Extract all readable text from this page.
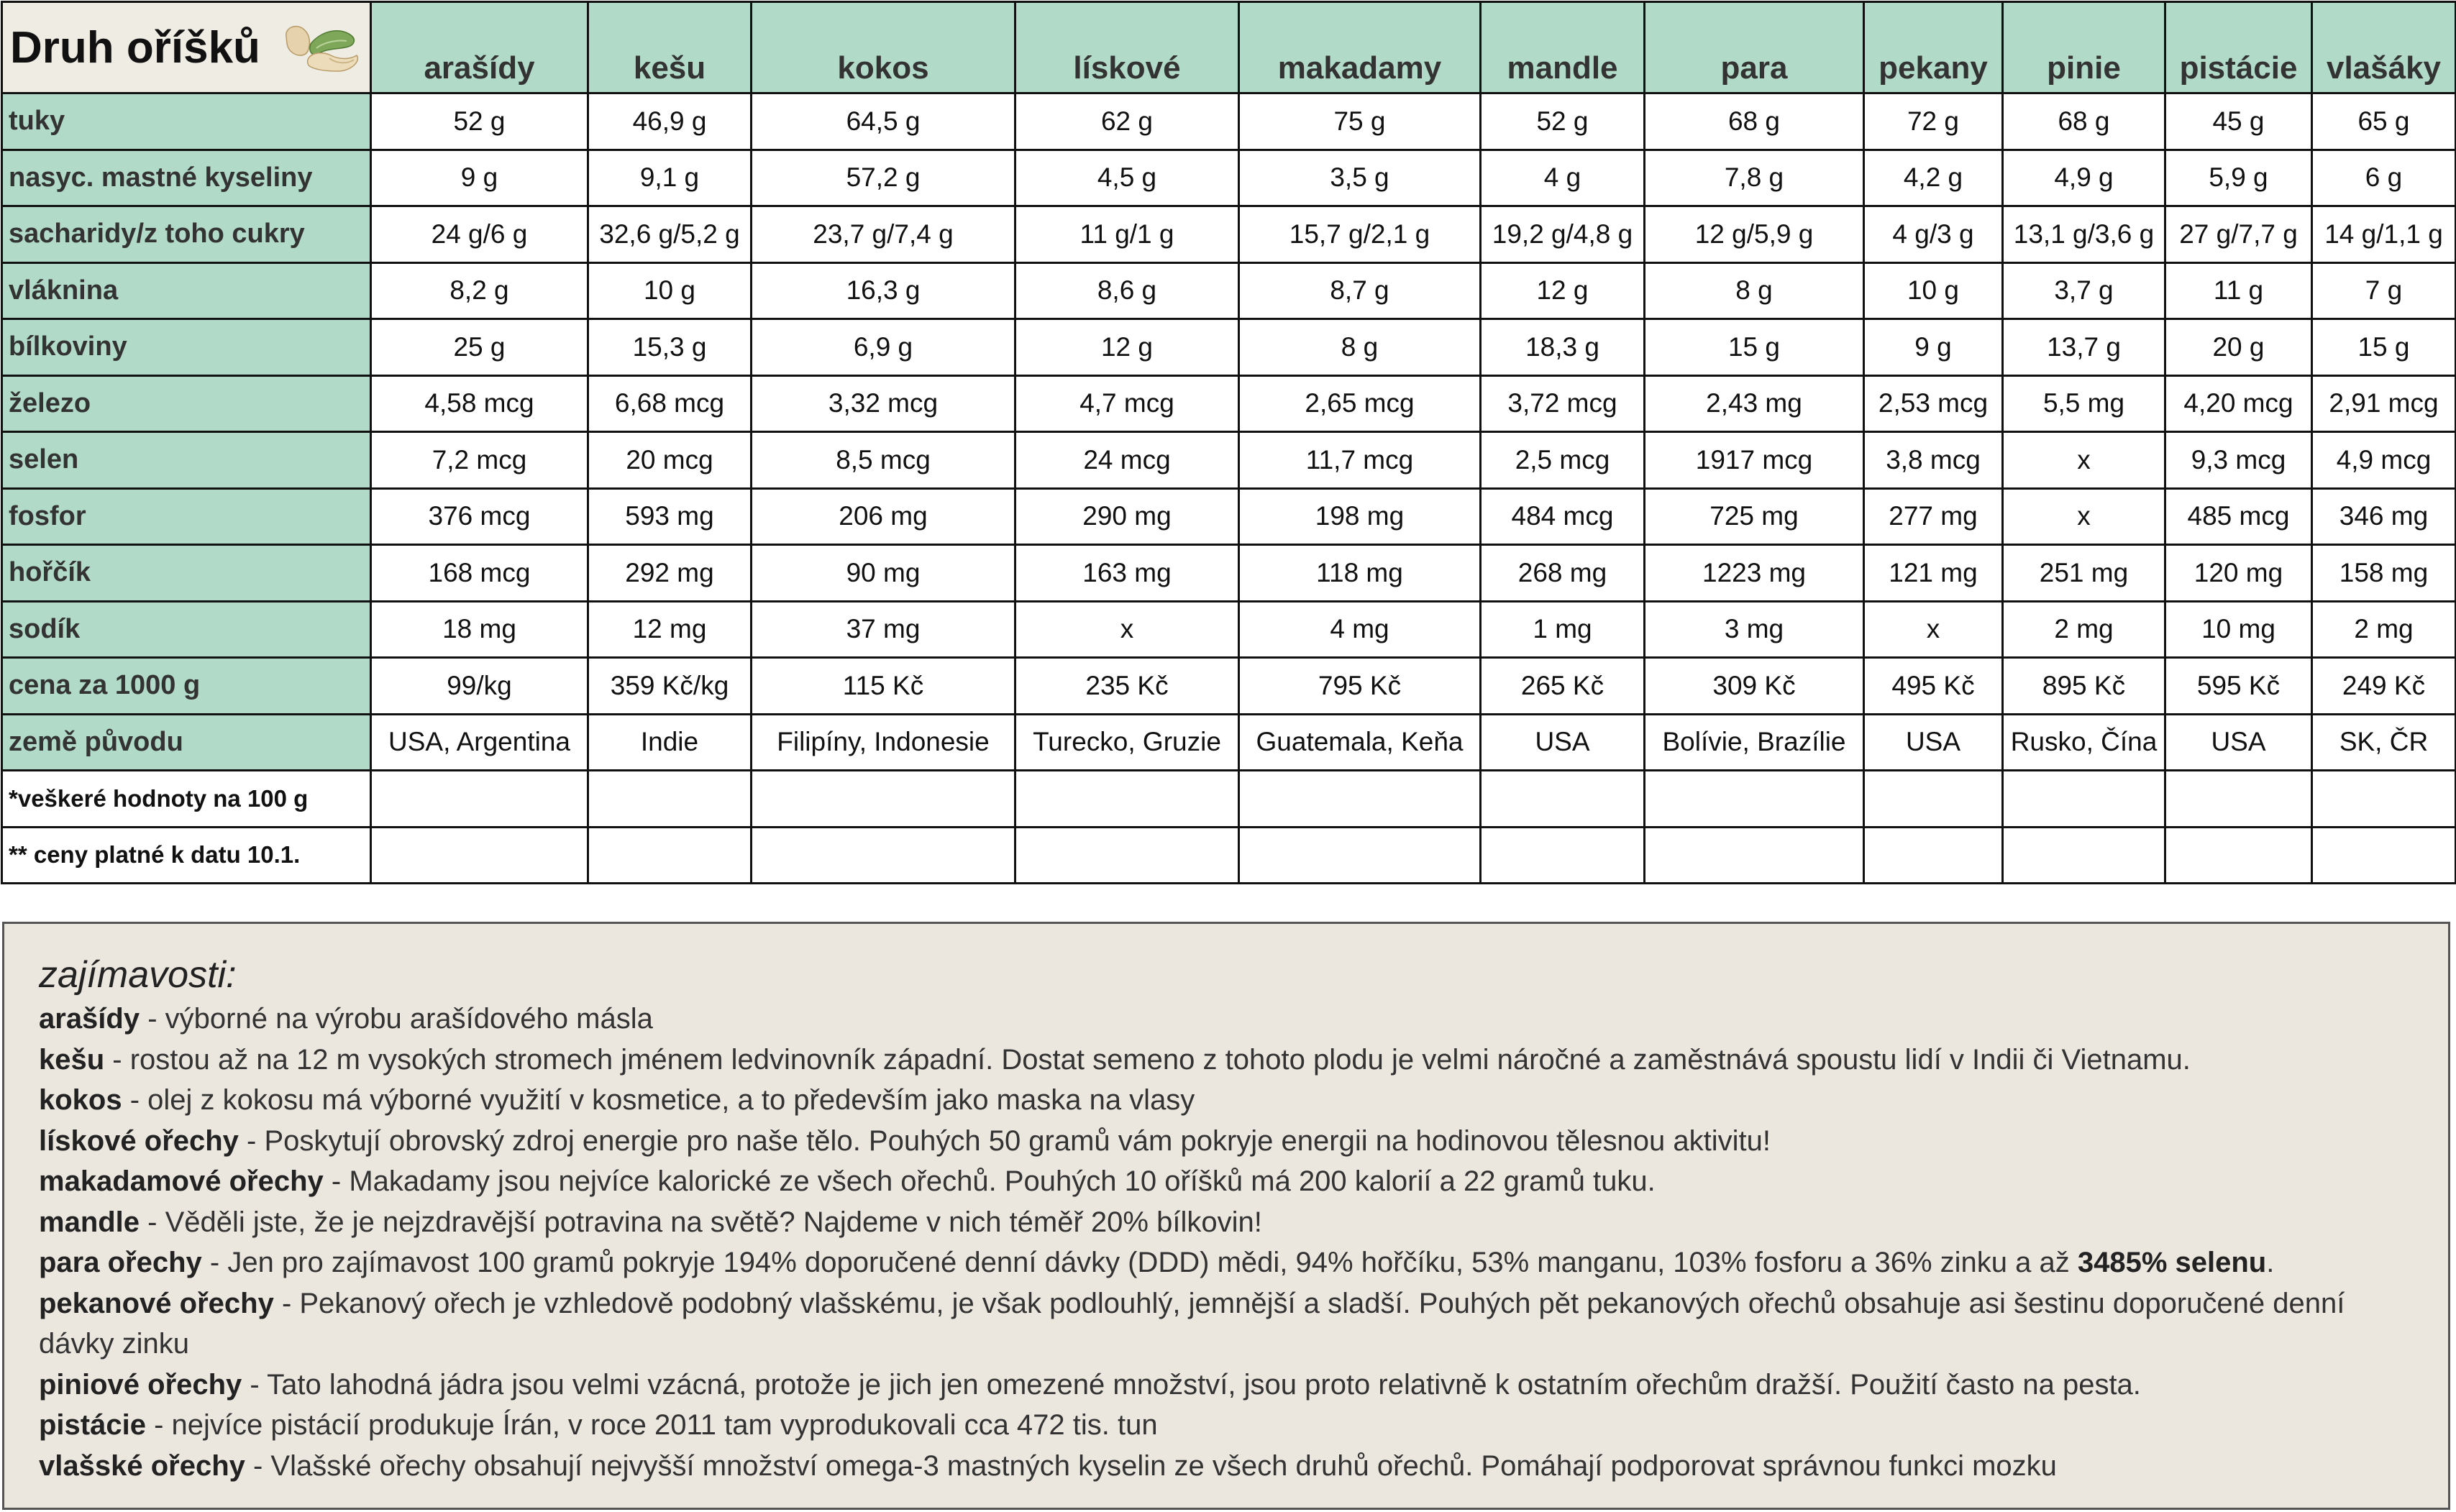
Druh oříšků	arašídy	kešu	kokos	lískové	makadamy	mandle	para	pekany	pinie	pistácie	vlašáky
tuky	52 g	46,9 g	64,5 g	62 g	75 g	52 g	68 g	72 g	68 g	45 g	65 g
nasyc. mastné kyseliny	9 g	9,1 g	57,2 g	4,5 g	3,5 g	4 g	7,8 g	4,2 g	4,9 g	5,9 g	6 g
sacharidy/z toho cukry	24 g/6 g	32,6 g/5,2 g	23,7 g/7,4 g	11 g/1 g	15,7 g/2,1 g	19,2 g/4,8 g	12 g/5,9 g	4 g/3 g	13,1 g/3,6 g	27 g/7,7 g	14 g/1,1 g
vláknina	8,2 g	10 g	16,3 g	8,6 g	8,7 g	12 g	8 g	10 g	3,7 g	11 g	7 g
bílkoviny	25 g	15,3 g	6,9 g	12 g	8 g	18,3 g	15 g	9 g	13,7 g	20 g	15 g
železo	4,58 mcg	6,68 mcg	3,32 mcg	4,7 mcg	2,65 mcg	3,72 mcg	2,43 mg	2,53 mcg	5,5 mg	4,20 mcg	2,91 mcg
selen	7,2 mcg	20 mcg	8,5 mcg	24 mcg	11,7 mcg	2,5 mcg	1917 mcg	3,8 mcg	x	9,3 mcg	4,9 mcg
fosfor	376 mcg	593 mg	206 mg	290 mg	198 mg	484 mcg	725 mg	277 mg	x	485 mcg	346 mg
hořčík	168 mcg	292 mg	90 mg	163 mg	118 mg	268 mg	1223 mg	121 mg	251 mg	120 mg	158 mg
sodík	18 mg	12 mg	37 mg	x	4 mg	1 mg	3 mg	x	2 mg	10 mg	2 mg
cena za 1000 g	99/kg	359 Kč/kg	115 Kč	235 Kč	795 Kč	265 Kč	309 Kč	495 Kč	895 Kč	595 Kč	249 Kč
země původu	USA, Argentina	Indie	Filipíny, Indonesie	Turecko, Gruzie	Guatemala, Keňa	USA	Bolívie, Brazílie	USA	Rusko, Čína	USA	SK, ČR
*veškeré hodnoty na 100 g											
** ceny platné k datu 10.1.											
zajímavosti:
arašídy - výborné na výrobu arašídového másla
kešu - rostou až na 12 m vysokých stromech jménem ledvinovník západní. Dostat semeno z tohoto plodu je velmi náročné a zaměstnává spoustu lidí v Indii či Vietnamu.
kokos - olej z kokosu má výborné využití v kosmetice, a to především jako maska na vlasy
lískové ořechy - Poskytují obrovský zdroj energie pro naše tělo. Pouhých 50 gramů vám pokryje energii na hodinovou tělesnou aktivitu!
makadamové ořechy - Makadamy jsou nejvíce kalorické ze všech ořechů. Pouhých 10 oříšků má 200 kalorií a 22 gramů tuku.
mandle - Věděli jste, že je nejzdravější potravina na světě? Najdeme v nich téměř 20% bílkovin!
para ořechy - Jen pro zajímavost 100 gramů pokryje 194% doporučené denní dávky (DDD) mědi, 94% hořčíku, 53% manganu, 103% fosforu a 36% zinku a až 3485% selenu.
pekanové ořechy - Pekanový ořech je vzhledově podobný vlašskému, je však podlouhlý, jemnější a sladší. Pouhých pět pekanových ořechů obsahuje asi šestinu doporučené denní dávky zinku
piniové ořechy - Tato lahodná jádra jsou velmi vzácná, protože je jich jen omezené množství, jsou proto relativně k ostatním ořechům dražší. Použití často na pesta.
pistácie - nejvíce pistácií produkuje Írán, v roce 2011 tam vyprodukovali cca 472 tis. tun
vlašské ořechy - Vlašské ořechy obsahují nejvyšší množství omega-3 mastných kyselin ze všech druhů ořechů. Pomáhají podporovat správnou funkci mozku
